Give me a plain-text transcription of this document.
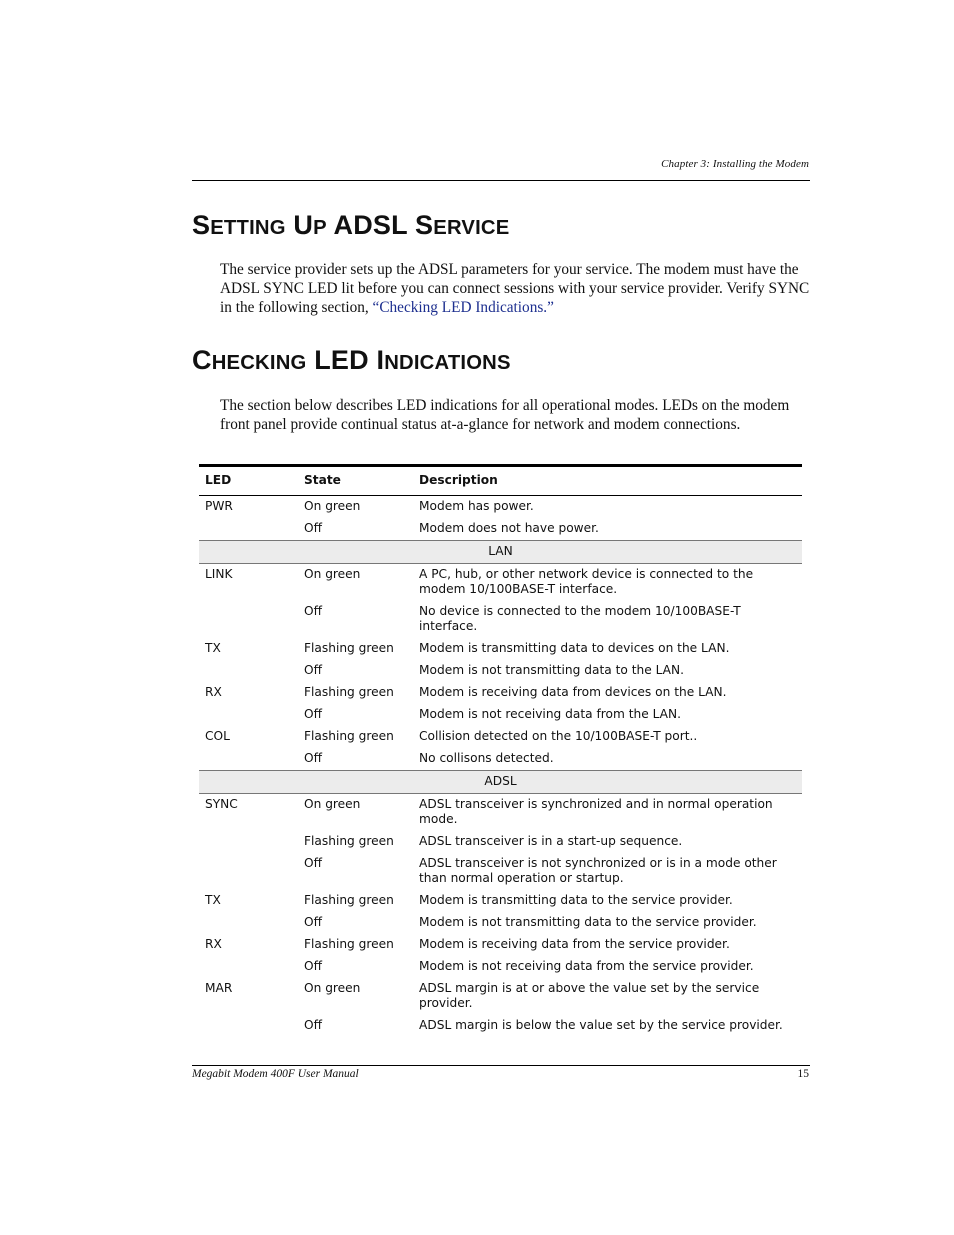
Chapter 3: Installing the Modem
SETTING UP ADSL SERVICE

The service provider sets up the ADSL parameters for your service. The modem must have the ADSL SYNC LED lit before you can connect sessions with your service provider. Verify SYNC in the following section, “Checking LED Indications.”

CHECKING LED INDICATIONS

The section below describes LED indications for all operational modes. LEDs on the modem front panel provide continual status at-a-glance for network and modem connections.

LED	State	Description
PWR	On green	Modem has power.
	Off	Modem does not have power.
LAN		
LINK	On green	A PC, hub, or other network device is connected to the modem 10/100BASE-T interface.
	Off	No device is connected to the modem 10/100BASE-T interface.
TX	Flashing green	Modem is transmitting data to devices on the LAN.
	Off	Modem is not transmitting data to the LAN.
RX	Flashing green	Modem is receiving data from devices on the LAN.
	Off	Modem is not receiving data from the LAN.
COL	Flashing green	Collision detected on the 10/100BASE-T port..
	Off	No collisons detected.
ADSL		
SYNC	On green	ADSL transceiver is synchronized and in normal operation mode.
	Flashing green	ADSL transceiver is in a start-up sequence.
	Off	ADSL transceiver is not synchronized or is in a mode other than normal operation or startup.
TX	Flashing green	Modem is transmitting data to the service provider.
	Off	Modem is not transmitting data to the service provider.
RX	Flashing green	Modem is receiving data from the service provider.
	Off	Modem is not receiving data from the service provider.
MAR	On green	ADSL margin is at or above the value set by the service provider.
	Off	ADSL margin is below the value set by the service provider.
Megabit Modem 400F User Manual	15
